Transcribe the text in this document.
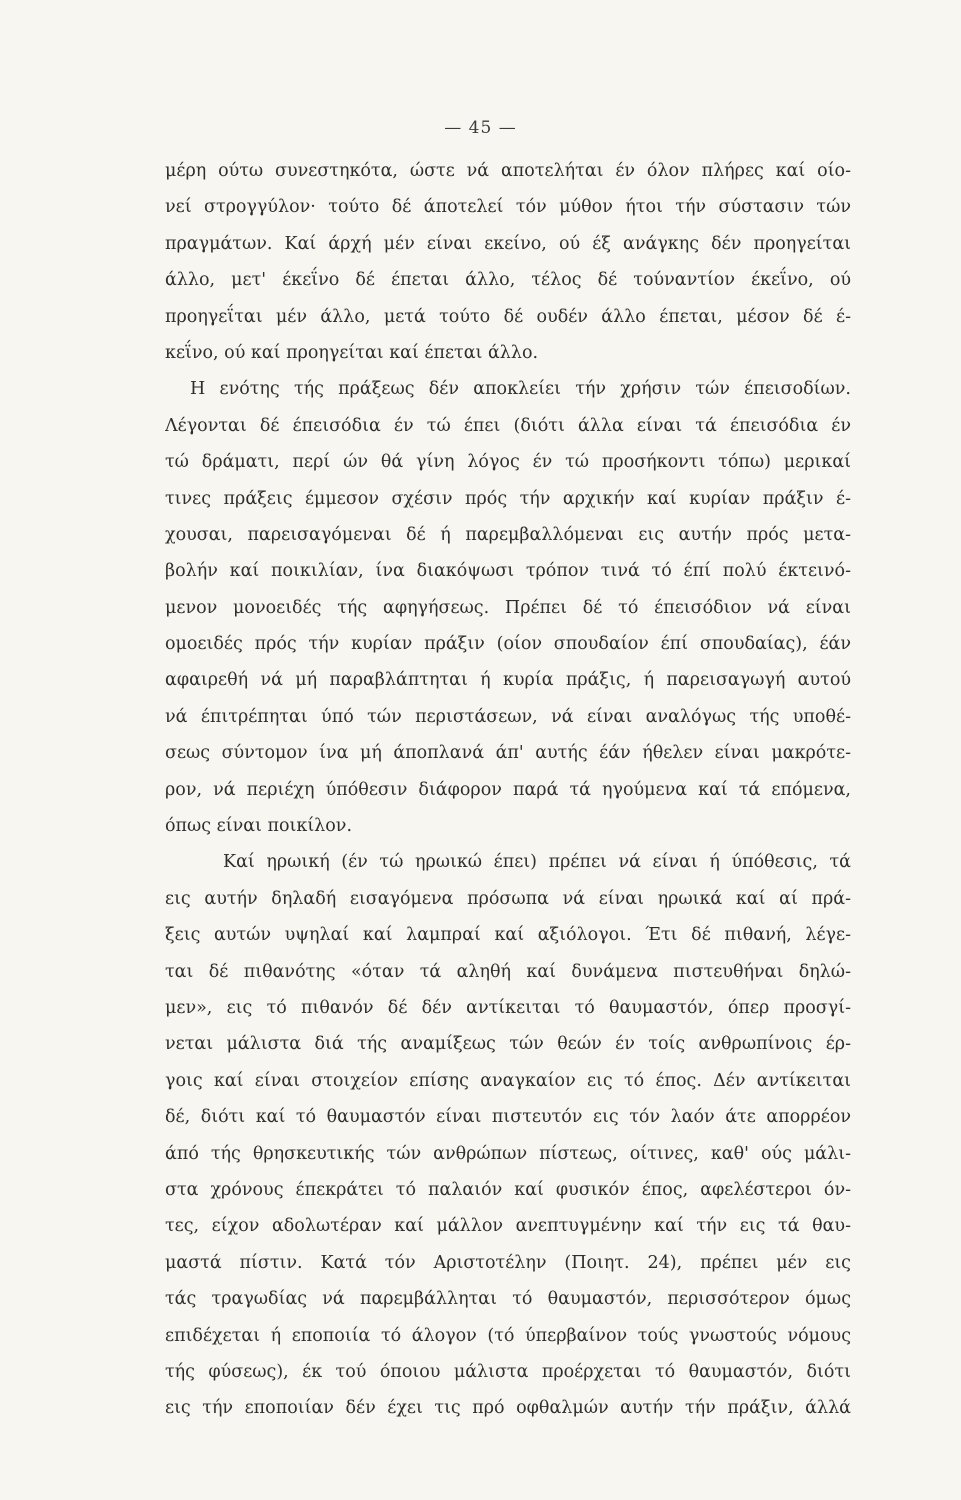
— 45 —
μέρη ούτω συνεστηκότα, ώστε νά αποτελήται έν όλον πλήρες καί οίο-
νεί στρογγύλον· τούτο δέ άποτελεί τόν μύθον ήτοι τήν σύστασιν τών
πραγμάτων. Καί άρχή μέν είναι εκείνο, ού έξ ανάγκης δέν προηγείται
άλλο, μετ' έκεΐνο δέ έπεται άλλο, τέλος δέ τούναντίον έκεΐνο, ού
προηγεΐται μέν άλλο, μετά τούτο δέ ουδέν άλλο έπεται, μέσον δέ έ-
κεΐνο, ού καί προηγείται καί έπεται άλλο.
Η ενότης τής πράξεως δέν αποκλείει τήν χρήσιν τών έπεισοδίων.
Λέγονται δέ έπεισόδια έν τώ έπει (διότι άλλα είναι τά έπεισόδια έν
τώ δράματι, περί ών θά γίνη λόγος έν τώ προσήκοντι τόπω) μερικαί
τινες πράξεις έμμεσον σχέσιν πρός τήν αρχικήν καί κυρίαν πράξιν έ-
χουσαι, παρεισαγόμεναι δέ ή παρεμβαλλόμεναι εις αυτήν πρός μετα-
βολήν καί ποικιλίαν, ίνα διακόψωσι τρόπον τινά τό έπί πολύ έκτεινό-
μενον μονοειδές τής αφηγήσεως. Πρέπει δέ τό έπεισόδιον νά είναι
ομοειδές πρός τήν κυρίαν πράξιν (οίον σπουδαίον έπί σπουδαίας), έάν
αφαιρεθή νά μή παραβλάπτηται ή κυρία πράξις, ή παρεισαγωγή αυτού
νά έπιτρέπηται ύπό τών περιστάσεων, νά είναι αναλόγως τής υποθέ-
σεως σύντομον ίνα μή άποπλανά άπ' αυτής έάν ήθελεν είναι μακρότε-
ρον, νά περιέχη ύπόθεσιν διάφορον παρά τά ηγούμενα καί τά επόμενα,
όπως είναι ποικίλον.
Καί ηρωική (έν τώ ηρωικώ έπει) πρέπει νά είναι ή ύπόθεσις, τά
εις αυτήν δηλαδή εισαγόμενα πρόσωπα νά είναι ηρωικά καί αί πρά-
ξεις αυτών υψηλαί καί λαμπραί καί αξιόλογοι. Έτι δέ πιθανή, λέγε-
ται δέ πιθανότης «όταν τά αληθή καί δυνάμενα πιστευθήναι δηλώ-
μεν», εις τό πιθανόν δέ δέν αντίκειται τό θαυμαστόν, όπερ προσγί-
νεται μάλιστα διά τής αναμίξεως τών θεών έν τοίς ανθρωπίνοις έρ-
γοις καί είναι στοιχείον επίσης αναγκαίον εις τό έπος. Δέν αντίκειται
δέ, διότι καί τό θαυμαστόν είναι πιστευτόν εις τόν λαόν άτε απορρέον
άπό τής θρησκευτικής τών ανθρώπων πίστεως, οίτινες, καθ' ούς μάλι-
στα χρόνους έπεκράτει τό παλαιόν καί φυσικόν έπος, αφελέστεροι όν-
τες, είχον αδολωτέραν καί μάλλον ανεπτυγμένην καί τήν εις τά θαυ-
μαστά πίστιν. Κατά τόν Αριστοτέλην (Ποιητ. 24), πρέπει μέν εις
τάς τραγωδίας νά παρεμβάλληται τό θαυμαστόν, περισσότερον όμως
επιδέχεται ή εποποιία τό άλογον (τό ύπερβαίνον τούς γνωστούς νόμους
τής φύσεως), έκ τού όποιου μάλιστα προέρχεται τό θαυμαστόν, διότι
εις τήν εποποιίαν δέν έχει τις πρό οφθαλμών αυτήν τήν πράξιν, άλλά
